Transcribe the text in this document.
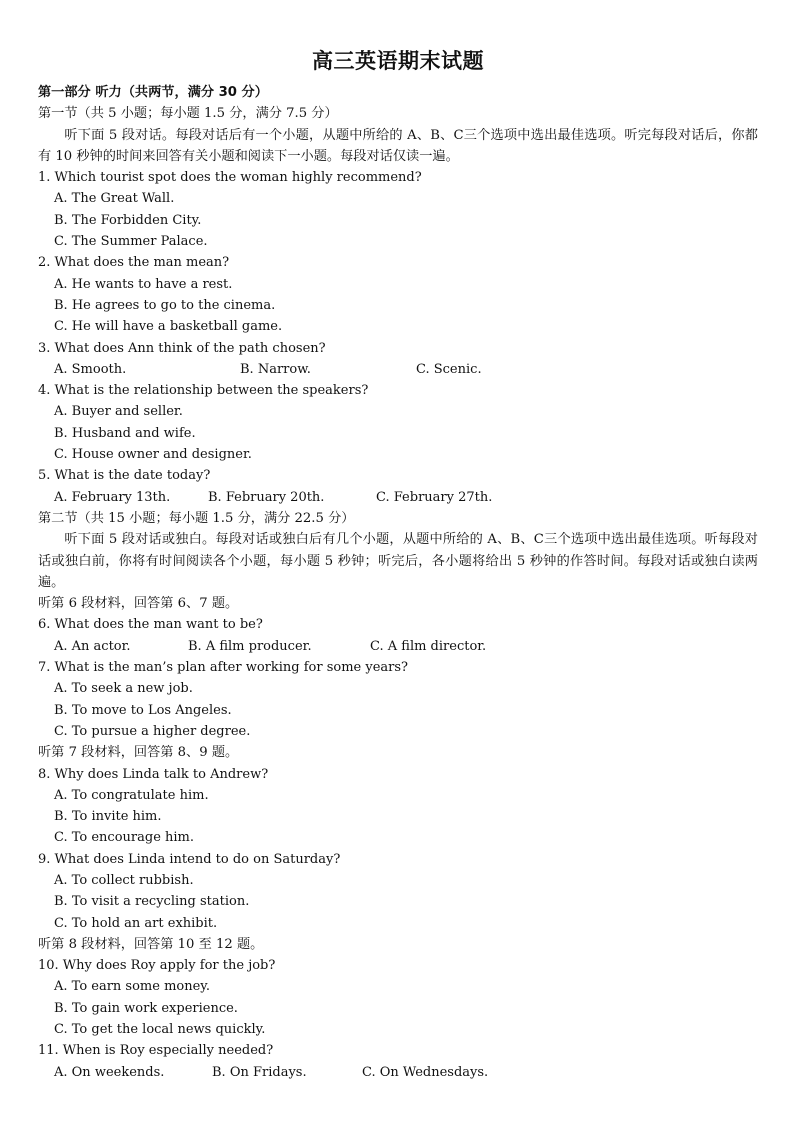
高三英语期末试题
第一部分 听力（共两节，满分 30 分）
第一节（共 5 小题；每小题 1.5 分，满分 7.5 分）
听下面 5 段对话。每段对话后有一个小题，从题中所给的 A、B、C三个选项中选出最佳选项。听完每段对话后，你都有 10 秒钟的时间来回答有关小题和阅读下一小题。每段对话仅读一遍。
1. Which tourist spot does the woman highly recommend?
A. The Great Wall.
B. The Forbidden City.
C. The Summer Palace.
2. What does the man mean?
A. He wants to have a rest.
B. He agrees to go to the cinema.
C. He will have a basketball game.
3. What does Ann think of the path chosen?
A. Smooth.	B. Narrow.	C. Scenic.
4. What is the relationship between the speakers?
A. Buyer and seller.
B. Husband and wife.
C. House owner and designer.
5. What is the date today?
A. February 13th.	B. February 20th.	C. February 27th.
第二节（共 15 小题；每小题 1.5 分，满分 22.5 分）
听下面 5 段对话或独白。每段对话或独白后有几个小题，从题中所给的 A、B、C三个选项中选出最佳选项。听每段对话或独白前，你将有时间阅读各个小题，每小题 5 秒钟；听完后，各小题将给出 5 秒钟的作答时间。每段对话或独白读两遍。
听第 6 段材料，回答第 6、7 题。
6. What does the man want to be?
A. An actor.	B. A film producer.	C. A film director.
7. What is the man’s plan after working for some years?
A. To seek a new job.
B. To move to Los Angeles.
C. To pursue a higher degree.
听第 7 段材料，回答第 8、9 题。
8. Why does Linda talk to Andrew?
A. To congratulate him.
B. To invite him.
C. To encourage him.
9. What does Linda intend to do on Saturday?
A. To collect rubbish.
B. To visit a recycling station.
C. To hold an art exhibit.
听第 8 段材料，回答第 10 至 12 题。
10. Why does Roy apply for the job?
A. To earn some money.
B. To gain work experience.
C. To get the local news quickly.
11. When is Roy especially needed?
A. On weekends.	B. On Fridays.	C. On Wednesdays.
